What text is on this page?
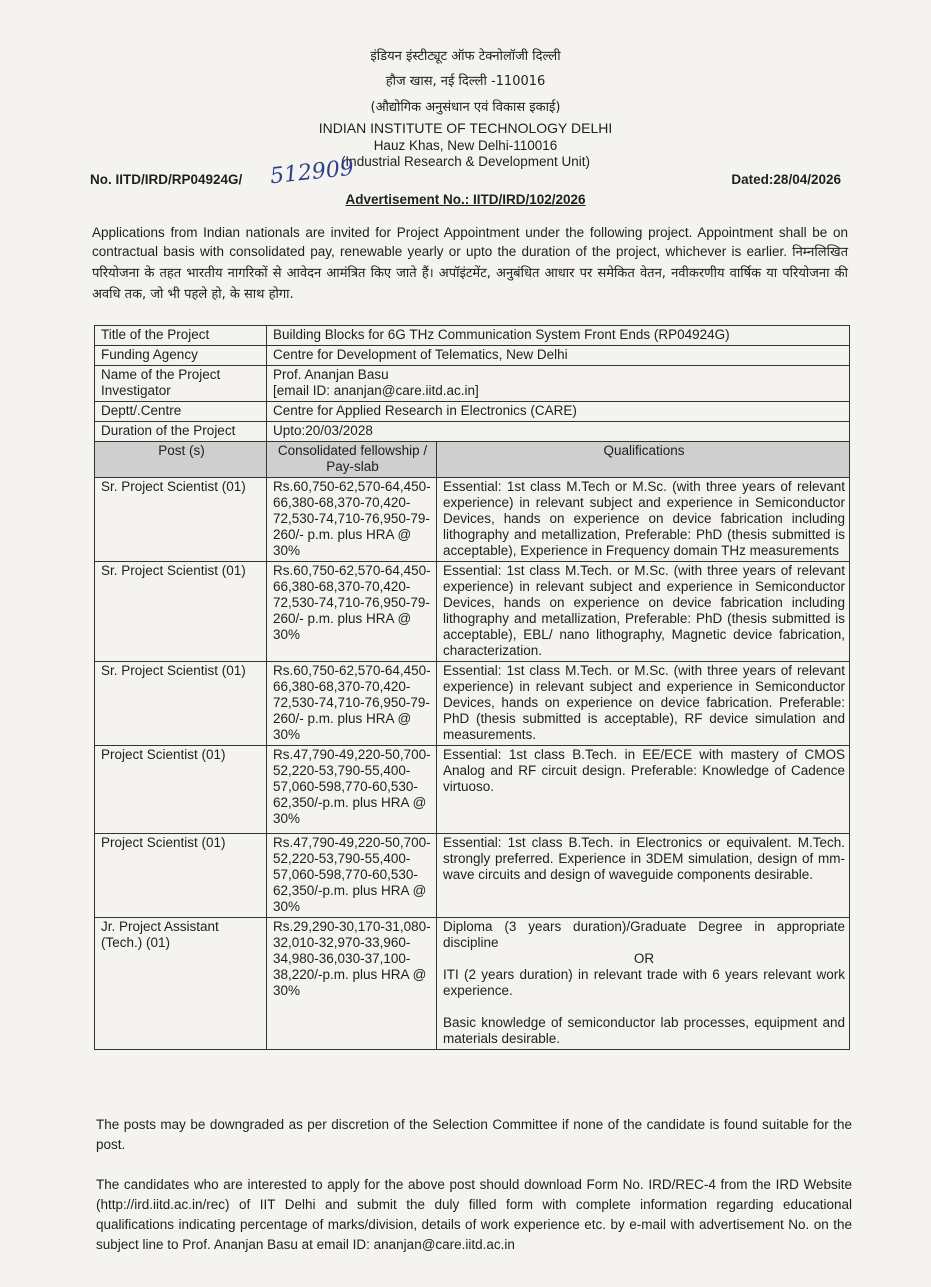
इंडियन इंस्टीट्यूट ऑफ टेक्नोलॉजी दिल्ली
हौज खास, नई दिल्ली -110016
(औद्योगिक अनुसंधान एवं विकास इकाई)
INDIAN INSTITUTE OF TECHNOLOGY DELHI
Hauz Khas, New Delhi-110016
(Industrial Research & Development Unit)
No. IITD/IRD/RP04924G/ 512909	Dated:28/04/2026
Advertisement No.: IITD/IRD/102/2026
Applications from Indian nationals are invited for Project Appointment under the following project. Appointment shall be on contractual basis with consolidated pay, renewable yearly or upto the duration of the project, whichever is earlier. निम्नलिखित परियोजना के तहत भारतीय नागरिकों से आवेदन आमंत्रित किए जाते हैं। अपॉइंटमेंट, अनुबंधित आधार पर समेकित वेतन, नवीकरणीय वार्षिक या परियोजना की अवधि तक, जो भी पहले हो, के साथ होगा.
Title of the Project	Building Blocks for 6G THz Communication System Front Ends (RP04924G)	
Funding Agency	Centre for Development of Telematics, New Delhi	
Name of the Project Investigator	Prof. Ananjan Basu
[email ID: ananjan@care.iitd.ac.in]	

Deptt/.Centre	Centre for Applied Research in Electronics (CARE)	
Duration of the Project	Upto:20/03/2028	
Post (s)	Consolidated fellowship / Pay-slab	Qualifications
Sr. Project Scientist (01)	Rs.60,750-62,570-64,450-66,380-68,370-70,420-72,530-74,710-76,950-79-260/- p.m. plus HRA @ 30%	Essential: 1st class M.Tech or M.Sc. (with three years of relevant experience) in relevant subject and experience in Semiconductor Devices, hands on experience on device fabrication including lithography and metallization, Preferable: PhD (thesis submitted is acceptable), Experience in Frequency domain THz measurements
Sr. Project Scientist (01)	Rs.60,750-62,570-64,450-66,380-68,370-70,420-72,530-74,710-76,950-79-260/- p.m. plus HRA @ 30%	Essential: 1st class M.Tech. or M.Sc. (with three years of relevant experience) in relevant subject and experience in Semiconductor Devices, hands on experience on device fabrication including lithography and metallization, Preferable: PhD (thesis submitted is acceptable), EBL/ nano lithography, Magnetic device fabrication, characterization.
Sr. Project Scientist (01)	Rs.60,750-62,570-64,450-66,380-68,370-70,420-72,530-74,710-76,950-79-260/- p.m. plus HRA @ 30%	Essential: 1st class M.Tech. or M.Sc. (with three years of relevant experience) in relevant subject and experience in Semiconductor Devices, hands on experience on device fabrication. Preferable: PhD (thesis submitted is acceptable), RF device simulation and measurements.
Project Scientist (01)	Rs.47,790-49,220-50,700-52,220-53,790-55,400-57,060-598,770-60,530-62,350/-p.m. plus HRA @ 30%	Essential: 1st class B.Tech. in EE/ECE with mastery of CMOS Analog and RF circuit design. Preferable: Knowledge of Cadence virtuoso.
Project Scientist (01)	Rs.47,790-49,220-50,700-52,220-53,790-55,400-57,060-598,770-60,530-62,350/-p.m. plus HRA @ 30%	Essential: 1st class B.Tech. in Electronics or equivalent. M.Tech. strongly preferred. Experience in 3DEM simulation, design of mm-wave circuits and design of waveguide components desirable.
Jr. Project Assistant (Tech.) (01)	Rs.29,290-30,170-31,080-32,010-32,970-33,960-34,980-36,030-37,100-38,220/-p.m. plus HRA @ 30%	Diploma (3 years duration)/Graduate Degree in appropriate discipline
OR
ITI (2 years duration) in relevant trade with 6 years relevant work experience.
Basic knowledge of semiconductor lab processes, equipment and materials desirable.
The posts may be downgraded as per discretion of the Selection Committee if none of the candidate is found suitable for the post.
The candidates who are interested to apply for the above post should download Form No. IRD/REC-4 from the IRD Website (http://ird.iitd.ac.in/rec) of IIT Delhi and submit the duly filled form with complete information regarding educational qualifications indicating percentage of marks/division, details of work experience etc. by e-mail with advertisement No. on the subject line to Prof. Ananjan Basu at email ID: ananjan@care.iitd.ac.in
